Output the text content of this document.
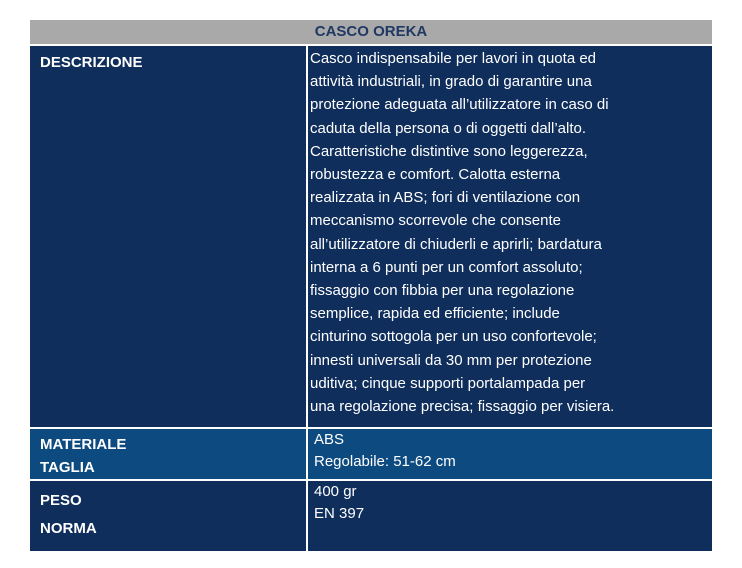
CASCO OREKA
DESCRIZIONE	Casco indispensabile per lavori in quota ed
attività industriali, in grado di garantire una
protezione adeguata all’utilizzatore in caso di
caduta della persona o di oggetti dall’alto.
Caratteristiche distintive sono leggerezza,
robustezza e comfort. Calotta esterna
realizzata in ABS; fori di ventilazione con
meccanismo scorrevole che consente
all’utilizzatore di chiuderli e aprirli; bardatura
interna a 6 punti per un comfort assoluto;
fissaggio con fibbia per una regolazione
semplice, rapida ed efficiente; include
cinturino sottogola per un uso confortevole;
innesti universali da 30 mm per protezione
uditiva; cinque supporti portalampada per
una regolazione precisa; fissaggio per visiera.
MATERIALE
TAGLIA
ABS
Regolabile: 51-62 cm
PESO
NORMA
400 gr
EN 397
